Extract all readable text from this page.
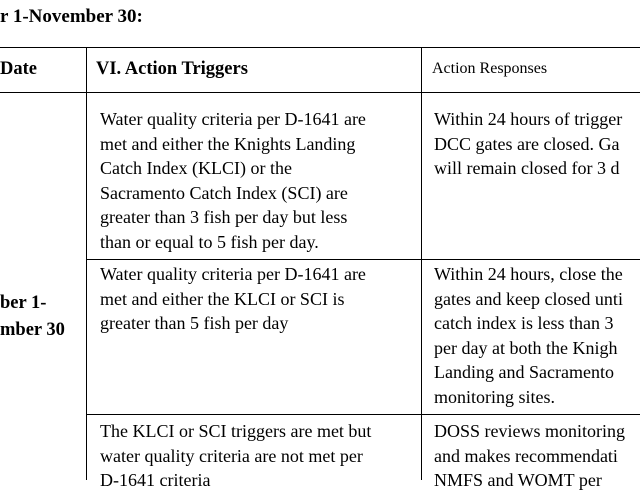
r 1-November 30:
Date	VI. Action Triggers	Action Responses
ber 1-
mber 30
Water quality criteria per D-1641 are
met and either the Knights Landing
Catch Index (KLCI) or the
Sacramento Catch Index (SCI) are
greater than 3 fish per day but less
than or equal to 5 fish per day.
Within 24 hours of trigger
DCC gates are closed. Ga
will remain closed for 3 d
Water quality criteria per D-1641 are
met and either the KLCI or SCI is
greater than 5 fish per day
Within 24 hours, close the
gates and keep closed unti
catch index is less than 3
per day at both the Knigh
Landing and Sacramento
monitoring sites.
The KLCI or SCI triggers are met but
water quality criteria are not met per
D-1641 criteria
DOSS reviews monitoring
and makes recommendati
NMFS and WOMT per
